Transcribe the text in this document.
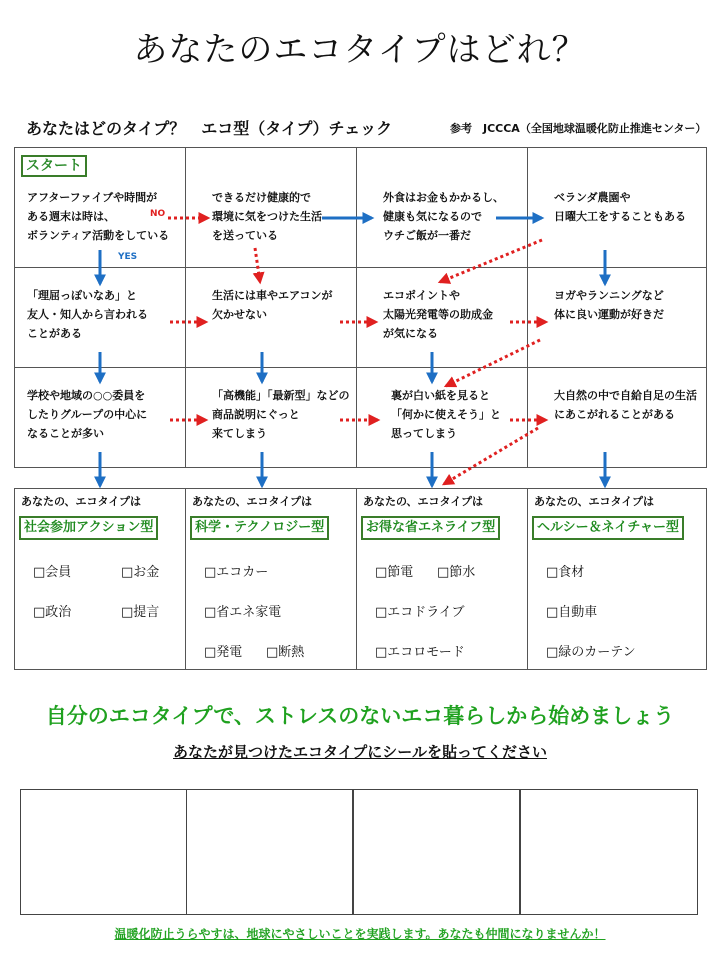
あなたのエコタイプはどれ？
あなたはどのタイプ？　エコ型（タイプ）チェック	参考　JCCCA（全国地球温暖化防止推進センター）
スタート
アフターファイブや時間が
ある週末は時は、
ボランティア活動をしている
できるだけ健康的で
環境に気をつけた生活
を送っている
外食はお金もかかるし、
健康も気になるので
ウチご飯が一番だ
ベランダ農園や
日曜大工をすることもある
「理屈っぽいなあ」と
友人・知人から言われる
ことがある
生活には車やエアコンが
欠かせない
エコポイントや
太陽光発電等の助成金
が気になる
ヨガやランニングなど
体に良い運動が好きだ
学校や地域の○○委員を
したりグループの中心に
なることが多い
「高機能」「最新型」などの
商品説明にぐっと
来てしまう
裏が白い紙を見ると
「何かに使えそう」と
思ってしまう
大自然の中で自給自足の生活
にあこがれることがある
あなたの、エコタイプは
社会参加アクション型
□会員	□お金
□政治	□提言
あなたの、エコタイプは
科学・テクノロジー型
□エコカー
□省エネ家電
□発電 □断熱
あなたの、エコタイプは
お得な省エネライフ型
□節電 □節水
□エコドライブ
□エコロモード
あなたの、エコタイプは
ヘルシー＆ネイチャー型
□食材
□自動車
□緑のカーテン
NO
YES
自分のエコタイプで、ストレスのないエコ暮らしから始めましょう
あなたが見つけたエコタイプにシールを貼ってください
温暖化防止うらやすは、地球にやさしいことを実践します。あなたも仲間になりませんか！
